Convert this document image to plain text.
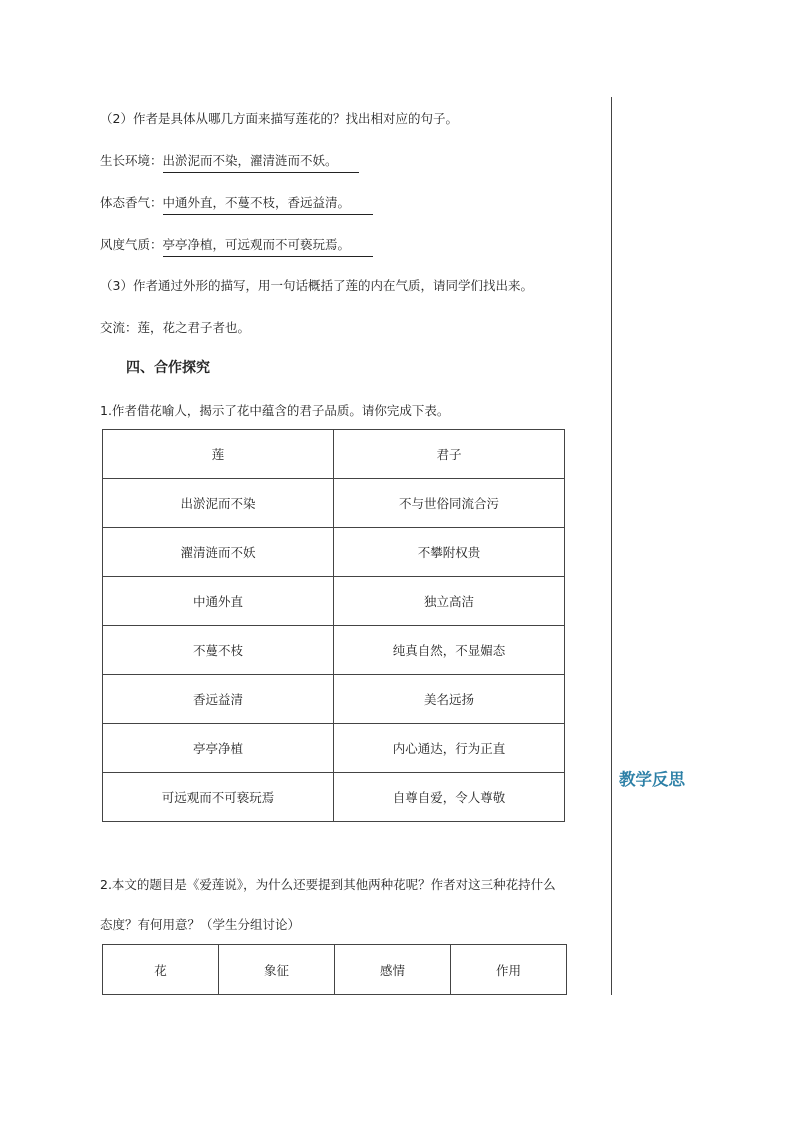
（2）作者是具体从哪几方面来描写莲花的？找出相对应的句子。
生长环境：出淤泥而不染，濯清涟而不妖。
体态香气：中通外直，不蔓不枝，香远益清。
风度气质：亭亭净植，可远观而不可亵玩焉。
（3）作者通过外形的描写，用一句话概括了莲的内在气质，请同学们找出来。
交流：莲，花之君子者也。
四、合作探究
1.作者借花喻人，揭示了花中蕴含的君子品质。请你完成下表。
莲	君子
出淤泥而不染	不与世俗同流合污
濯清涟而不妖	不攀附权贵
中通外直	独立高洁
不蔓不枝	纯真自然，不显媚态
香远益清	美名远扬
亭亭净植	内心通达，行为正直
可远观而不可亵玩焉	自尊自爱，令人尊敬
2.本文的题目是《爱莲说》，为什么还要提到其他两种花呢？作者对这三种花持什么
态度？有何用意？（学生分组讨论）
花	象征	感情	作用
教学反思
